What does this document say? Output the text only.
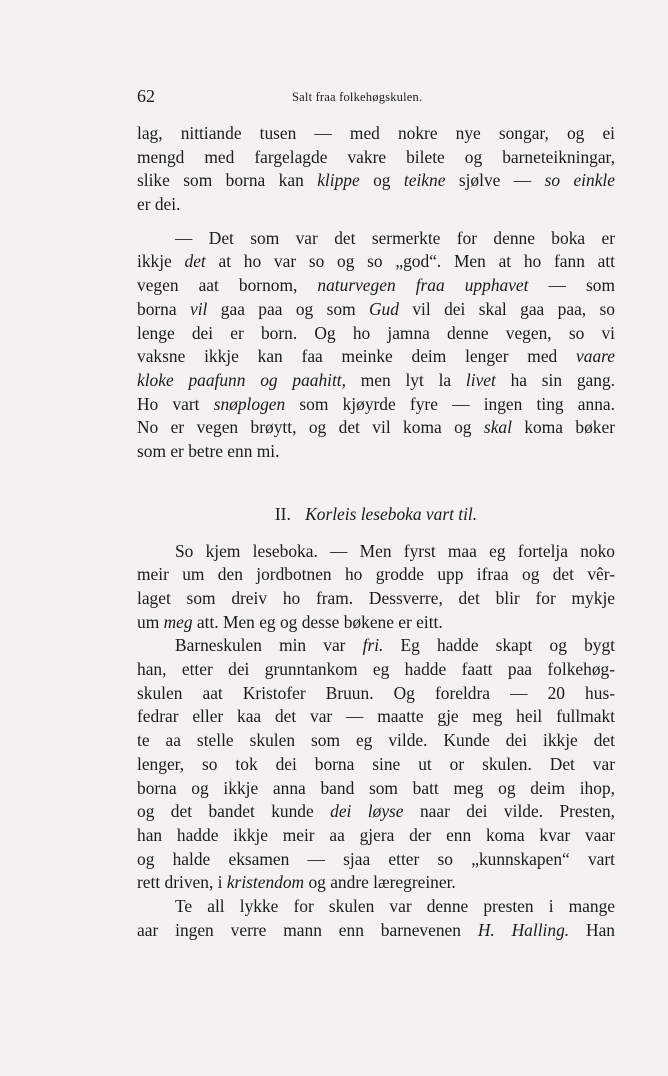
62	Salt fraa folkehøgskulen.
lag, nittiande tusen — med nokre nye songar, og ei
mengd med fargelagde vakre bilete og barneteikningar,
slike som borna kan klippe og teikne sjølve — so einkle
er dei.
— Det som var det sermerkte for denne boka er
ikkje det at ho var so og so „god“. Men at ho fann att
vegen aat bornom, naturvegen fraa upphavet — som
borna vil gaa paa og som Gud vil dei skal gaa paa, so
lenge dei er born. Og ho jamna denne vegen, so vi
vaksne ikkje kan faa meinke deim lenger med vaare
kloke paafunn og paahitt, men lyt la livet ha sin gang.
Ho vart snøplogen som kjøyrde fyre — ingen ting anna.
No er vegen brøytt, og det vil koma og skal koma bøker
som er betre enn mi.
II. Korleis leseboka vart til.
So kjem leseboka. — Men fyrst maa eg fortelja noko
meir um den jordbotnen ho grodde upp ifraa og det vêr-
laget som dreiv ho fram. Dessverre, det blir for mykje
um meg att. Men eg og desse bøkene er eitt.
Barneskulen min var fri. Eg hadde skapt og bygt
han, etter dei grunntankom eg hadde faatt paa folkehøg-
skulen aat Kristofer Bruun. Og foreldra — 20 hus-
fedrar eller kaa det var — maatte gje meg heil fullmakt
te aa stelle skulen som eg vilde. Kunde dei ikkje det
lenger, so tok dei borna sine ut or skulen. Det var
borna og ikkje anna band som batt meg og deim ihop,
og det bandet kunde dei løyse naar dei vilde. Presten,
han hadde ikkje meir aa gjera der enn koma kvar vaar
og halde eksamen — sjaa etter so „kunnskapen“ vart
rett driven, i kristendom og andre læregreiner.
Te all lykke for skulen var denne presten i mange
aar ingen verre mann enn barnevenen H. Halling. Han
